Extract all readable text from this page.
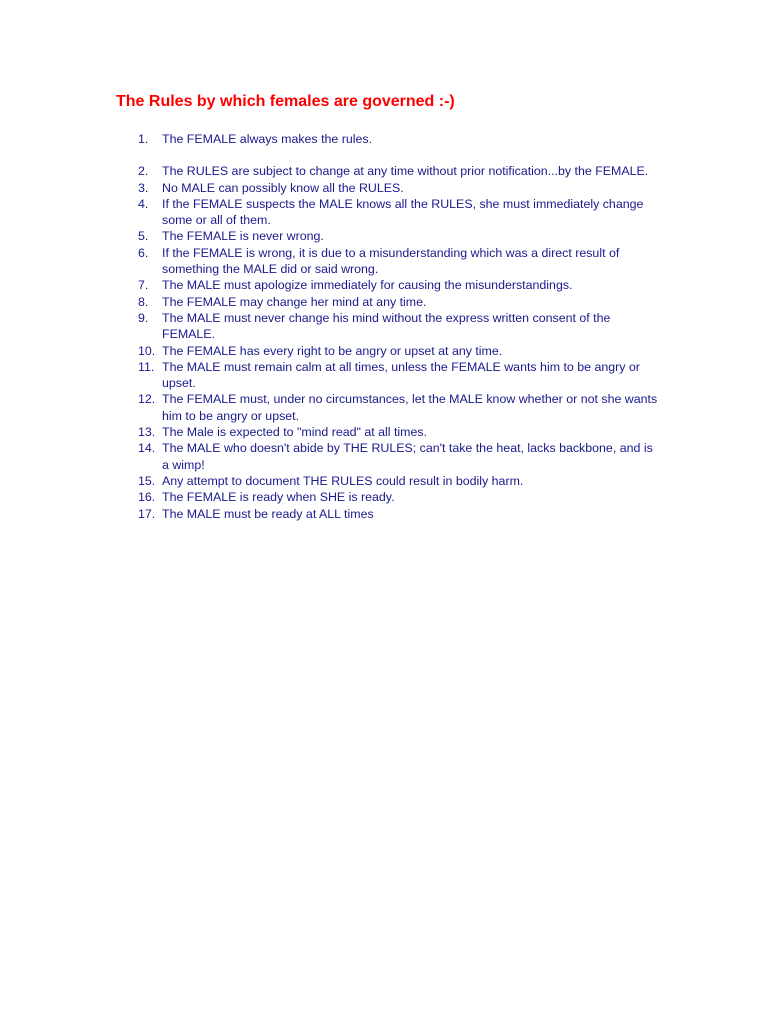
The Rules by which females are governed :-)
1.	The FEMALE always makes the rules.
2.	The RULES are subject to change at any time without prior notification...by the FEMALE.
3.	No MALE can possibly know all the RULES.
4.	If the FEMALE suspects the MALE knows all the RULES, she must immediately change some or all of them.
5.	The FEMALE is never wrong.
6.	If the FEMALE is wrong, it is due to a misunderstanding which was a direct result of something the MALE did or said wrong.
7.	The MALE must apologize immediately for causing the misunderstandings.
8.	The FEMALE may change her mind at any time.
9.	The MALE must never change his mind without the express written consent of the FEMALE.
10. The FEMALE has every right to be angry or upset at any time.
11. The MALE must remain calm at all times, unless the FEMALE wants him to be angry or upset.
12. The FEMALE must, under no circumstances, let the MALE know whether or not she wants him to be angry or upset.
13. The Male is expected to "mind read" at all times.
14. The MALE who doesn't abide by THE RULES; can't take the heat, lacks backbone, and is a wimp!
15. Any attempt to document THE RULES could result in bodily harm.
16. The FEMALE is ready when SHE is ready.
17. The MALE must be ready at ALL times
